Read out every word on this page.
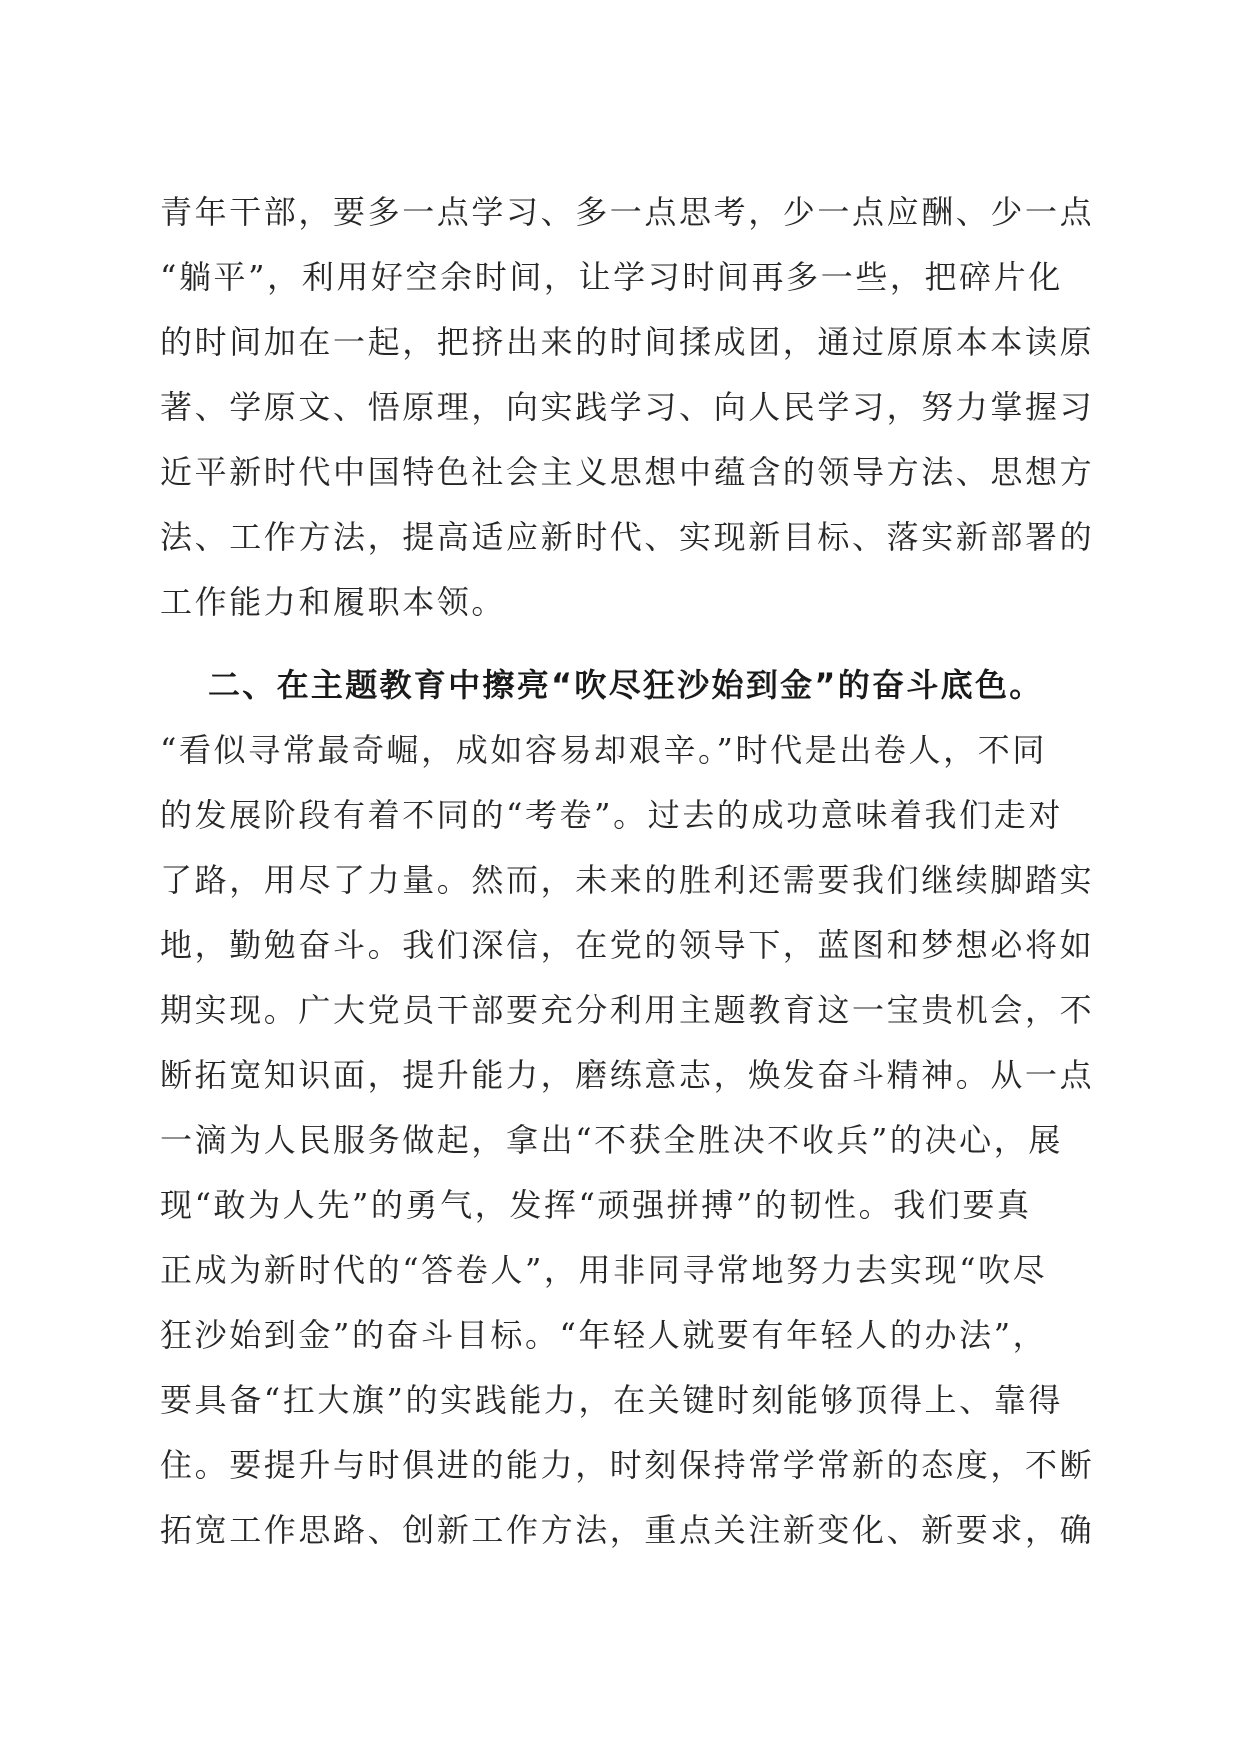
青年干部，要多一点学习、多一点思考，少一点应酬、少一点
“躺平”，利用好空余时间，让学习时间再多一些，把碎片化
的时间加在一起，把挤出来的时间揉成团，通过原原本本读原
著、学原文、悟原理，向实践学习、向人民学习，努力掌握习
近平新时代中国特色社会主义思想中蕴含的领导方法、思想方
法、工作方法，提高适应新时代、实现新目标、落实新部署的
工作能力和履职本领。
二、在主题教育中擦亮“吹尽狂沙始到金”的奋斗底色。
“看似寻常最奇崛，成如容易却艰辛。”时代是出卷人，不同
的发展阶段有着不同的“考卷”。过去的成功意味着我们走对
了路，用尽了力量。然而，未来的胜利还需要我们继续脚踏实
地，勤勉奋斗。我们深信，在党的领导下，蓝图和梦想必将如
期实现。广大党员干部要充分利用主题教育这一宝贵机会，不
断拓宽知识面，提升能力，磨练意志，焕发奋斗精神。从一点
一滴为人民服务做起，拿出“不获全胜决不收兵”的决心，展
现“敢为人先”的勇气，发挥“顽强拼搏”的韧性。我们要真
正成为新时代的“答卷人”，用非同寻常地努力去实现“吹尽
狂沙始到金”的奋斗目标。“年轻人就要有年轻人的办法”，
要具备“扛大旗”的实践能力，在关键时刻能够顶得上、靠得
住。要提升与时俱进的能力，时刻保持常学常新的态度，不断
拓宽工作思路、创新工作方法，重点关注新变化、新要求，确
